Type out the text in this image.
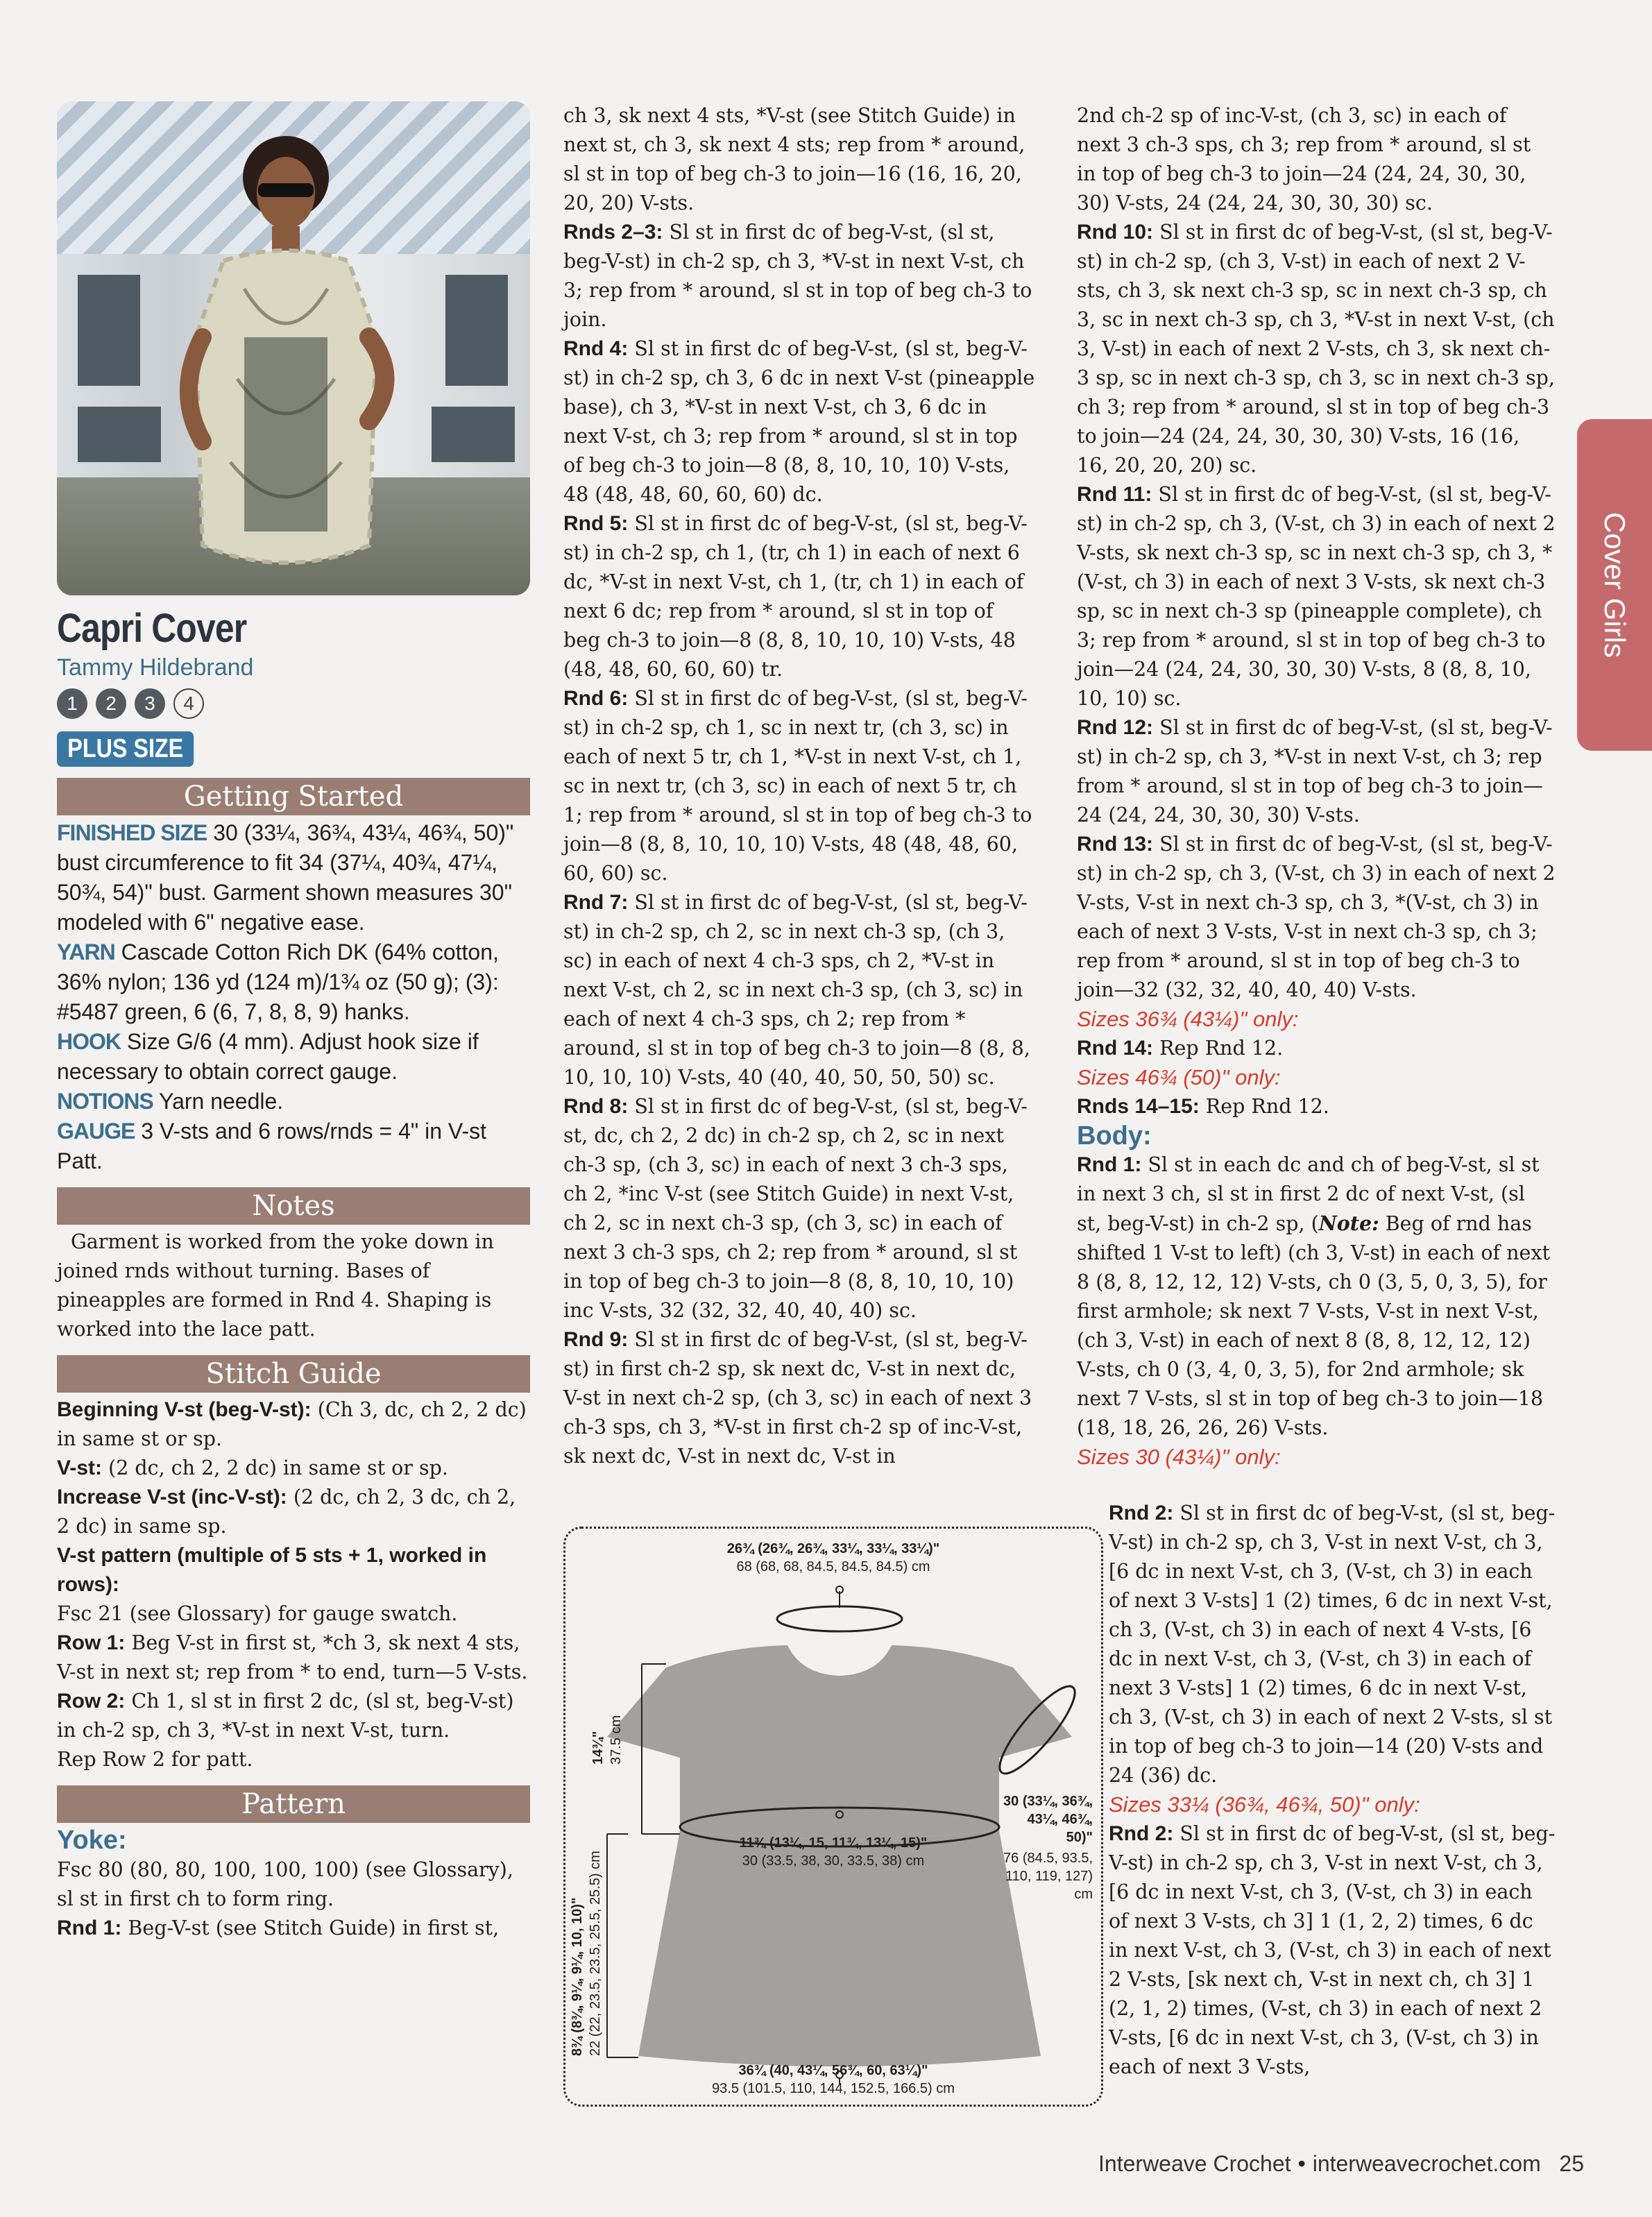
Capri Cover
Tammy Hildebrand
1	2	3	4
PLUS SIZE
Getting Started

FINISHED SIZE 30 (33¼, 36¾, 43¼, 46¾, 50)" bust circumference to fit 34 (37¼, 40¾, 47¼, 50¾, 54)" bust. Garment shown measures 30" modeled with 6" negative ease.

YARN Cascade Cotton Rich DK (64% cotton, 36% nylon; 136 yd (124 m)/1¾ oz (50 g); (3): #5487 green, 6 (6, 7, 8, 8, 9) hanks.

HOOK Size G/6 (4 mm). Adjust hook size if necessary to obtain correct gauge.

NOTIONS Yarn needle.

GAUGE 3 V-sts and 6 rows/rnds = 4" in V-st Patt.

Notes
Garment is worked from the yoke down in joined rnds without turning. Bases of pineapples are formed in Rnd 4. Shaping is worked into the lace patt.
Stitch Guide

Beginning V-st (beg-V-st): (Ch 3, dc, ch 2, 2 dc) in same st or sp.

V-st: (2 dc, ch 2, 2 dc) in same st or sp.

Increase V-st (inc-V-st): (2 dc, ch 2, 3 dc, ch 2, 2 dc) in same sp.

V-st pattern (multiple of 5 sts + 1, worked in rows):

Fsc 21 (see Glossary) for gauge swatch.

Row 1: Beg V-st in first st, *ch 3, sk next 4 sts, V-st in next st; rep from * to end, turn—5 V-sts.

Row 2: Ch 1, sl st in first 2 dc, (sl st, beg-V-st) in ch-2 sp, ch 3, *V-st in next V-st, turn.

Rep Row 2 for patt.

Pattern
Yoke:

Fsc 80 (80, 80, 100, 100, 100) (see Glossary), sl st in first ch to form ring.

Rnd 1: Beg-V-st (see Stitch Guide) in first st,

ch 3, sk next 4 sts, *V-st (see Stitch Guide) in next st, ch 3, sk next 4 sts; rep from * around, sl st in top of beg ch-3 to join—16 (16, 16, 20, 20, 20) V-sts.

Rnds 2–3: Sl st in first dc of beg-V-st, (sl st, beg-V-st) in ch-2 sp, ch 3, *V-st in next V-st, ch 3; rep from * around, sl st in top of beg ch-3 to join.

Rnd 4: Sl st in first dc of beg-V-st, (sl st, beg-V-st) in ch-2 sp, ch 3, 6 dc in next V-st (pineapple base), ch 3, *V-st in next V-st, ch 3, 6 dc in next V-st, ch 3; rep from * around, sl st in top of beg ch-3 to join—8 (8, 8, 10, 10, 10) V-sts, 48 (48, 48, 60, 60, 60) dc.

Rnd 5: Sl st in first dc of beg-V-st, (sl st, beg-V-st) in ch-2 sp, ch 1, (tr, ch 1) in each of next 6 dc, *V-st in next V-st, ch 1, (tr, ch 1) in each of next 6 dc; rep from * around, sl st in top of beg ch-3 to join—8 (8, 8, 10, 10, 10) V-sts, 48 (48, 48, 60, 60, 60) tr.

Rnd 6: Sl st in first dc of beg-V-st, (sl st, beg-V-st) in ch-2 sp, ch 1, sc in next tr, (ch 3, sc) in each of next 5 tr, ch 1, *V-st in next V-st, ch 1, sc in next tr, (ch 3, sc) in each of next 5 tr, ch 1; rep from * around, sl st in top of beg ch-3 to join—8 (8, 8, 10, 10, 10) V-sts, 48 (48, 48, 60, 60, 60) sc.

Rnd 7: Sl st in first dc of beg-V-st, (sl st, beg-V-st) in ch-2 sp, ch 2, sc in next ch-3 sp, (ch 3, sc) in each of next 4 ch-3 sps, ch 2, *V-st in next V-st, ch 2, sc in next ch-3 sp, (ch 3, sc) in each of next 4 ch-3 sps, ch 2; rep from * around, sl st in top of beg ch-3 to join—8 (8, 8, 10, 10, 10) V-sts, 40 (40, 40, 50, 50, 50) sc.

Rnd 8: Sl st in first dc of beg-V-st, (sl st, beg-V-st, dc, ch 2, 2 dc) in ch-2 sp, ch 2, sc in next ch-3 sp, (ch 3, sc) in each of next 3 ch-3 sps, ch 2, *inc V-st (see Stitch Guide) in next V-st, ch 2, sc in next ch-3 sp, (ch 3, sc) in each of next 3 ch-3 sps, ch 2; rep from * around, sl st in top of beg ch-3 to join—8 (8, 8, 10, 10, 10) inc V-sts, 32 (32, 32, 40, 40, 40) sc.

Rnd 9: Sl st in first dc of beg-V-st, (sl st, beg-V-st) in first ch-2 sp, sk next dc, V-st in next dc, V-st in next ch-2 sp, (ch 3, sc) in each of next 3 ch-3 sps, ch 3, *V-st in first ch-2 sp of inc-V-st, sk next dc, V-st in next dc, V-st in

2nd ch-2 sp of inc-V-st, (ch 3, sc) in each of next 3 ch-3 sps, ch 3; rep from * around, sl st in top of beg ch-3 to join—24 (24, 24, 30, 30, 30) V-sts, 24 (24, 24, 30, 30, 30) sc.

Rnd 10: Sl st in first dc of beg-V-st, (sl st, beg-V-st) in ch-2 sp, (ch 3, V-st) in each of next 2 V-sts, ch 3, sk next ch-3 sp, sc in next ch-3 sp, ch 3, sc in next ch-3 sp, ch 3, *V-st in next V-st, (ch 3, V-st) in each of next 2 V-sts, ch 3, sk next ch-3 sp, sc in next ch-3 sp, ch 3, sc in next ch-3 sp, ch 3; rep from * around, sl st in top of beg ch-3 to join—24 (24, 24, 30, 30, 30) V-sts, 16 (16, 16, 20, 20, 20) sc.

Rnd 11: Sl st in first dc of beg-V-st, (sl st, beg-V-st) in ch-2 sp, ch 3, (V-st, ch 3) in each of next 2 V-sts, sk next ch-3 sp, sc in next ch-3 sp, ch 3, *(V-st, ch 3) in each of next 3 V-sts, sk next ch-3 sp, sc in next ch-3 sp (pineapple complete), ch 3; rep from * around, sl st in top of beg ch-3 to join—24 (24, 24, 30, 30, 30) V-sts, 8 (8, 8, 10, 10, 10) sc.

Rnd 12: Sl st in first dc of beg-V-st, (sl st, beg-V-st) in ch-2 sp, ch 3, *V-st in next V-st, ch 3; rep from * around, sl st in top of beg ch-3 to join—24 (24, 24, 30, 30, 30) V-sts.

Rnd 13: Sl st in first dc of beg-V-st, (sl st, beg-V-st) in ch-2 sp, ch 3, (V-st, ch 3) in each of next 2 V-sts, V-st in next ch-3 sp, ch 3, *(V-st, ch 3) in each of next 3 V-sts, V-st in next ch-3 sp, ch 3; rep from * around, sl st in top of beg ch-3 to join—32 (32, 32, 40, 40, 40) V-sts.

Sizes 36¾ (43¼)" only:

Rnd 14: Rep Rnd 12.

Sizes 46¾ (50)" only:

Rnds 14–15: Rep Rnd 12.

Body:

Rnd 1: Sl st in each dc and ch of beg-V-st, sl st in next 3 ch, sl st in first 2 dc of next V-st, (sl st, beg-V-st) in ch-2 sp, (Note: Beg of rnd has shifted 1 V-st to left) (ch 3, V-st) in each of next 8 (8, 8, 12, 12, 12) V-sts, ch 0 (3, 5, 0, 3, 5), for first armhole; sk next 7 V-sts, V-st in next V-st, (ch 3, V-st) in each of next 8 (8, 8, 12, 12, 12) V-sts, ch 0 (3, 4, 0, 3, 5), for 2nd armhole; sk next 7 V-sts, sl st in top of beg ch-3 to join—18 (18, 18, 26, 26, 26) V-sts.

Sizes 30 (43¼)" only:

Rnd 2: Sl st in first dc of beg-V-st, (sl st, beg-V-st) in ch-2 sp, ch 3, V-st in next V-st, ch 3, [6 dc in next V-st, ch 3, (V-st, ch 3) in each of next 3 V-sts] 1 (2) times, 6 dc in next V-st, ch 3, (V-st, ch 3) in each of next 4 V-sts, [6 dc in next V-st, ch 3, (V-st, ch 3) in each of next 3 V-sts] 1 (2) times, 6 dc in next V-st, ch 3, (V-st, ch 3) in each of next 2 V-sts, sl st in top of beg ch-3 to join—14 (20) V-sts and 24 (36) dc.

Sizes 33¼ (36¾, 46¾, 50)" only:

Rnd 2: Sl st in first dc of beg-V-st, (sl st, beg-V-st) in ch-2 sp, ch 3, V-st in next V-st, ch 3, [6 dc in next V-st, ch 3, (V-st, ch 3) in each of next 3 V-sts, ch 3] 1 (1, 2, 2) times, 6 dc in next V-st, ch 3, (V-st, ch 3) in each of next 2 V-sts, [sk next ch, V-st in next ch, ch 3] 1 (2, 1, 2) times, (V-st, ch 3) in each of next 2 V-sts, [6 dc in next V-st, ch 3, (V-st, ch 3) in each of next 3 V-sts,

26¾ (26¾, 26¾, 33¼, 33¼, 33¼)"
68 (68, 68, 84.5, 84.5, 84.5) cm
11¾ (13¼, 15, 11¾, 13¼, 15)"
30 (33.5, 38, 30, 33.5, 38) cm
30 (33¼, 36¾, 43¼, 46¾, 50)"
76 (84.5, 93.5, 110, 119, 127) cm
14¾" 37.5 cm
8¾ (8¾, 9¼, 9¼, 10, 10)" 22 (22, 23.5, 23.5, 25.5, 25.5) cm
36¾ (40, 43¼, 56¾, 60, 63¼)"
93.5 (101.5, 110, 144, 152.5, 166.5) cm
Cover Girls
Interweave Crochet • interweavecrochet.com 25
